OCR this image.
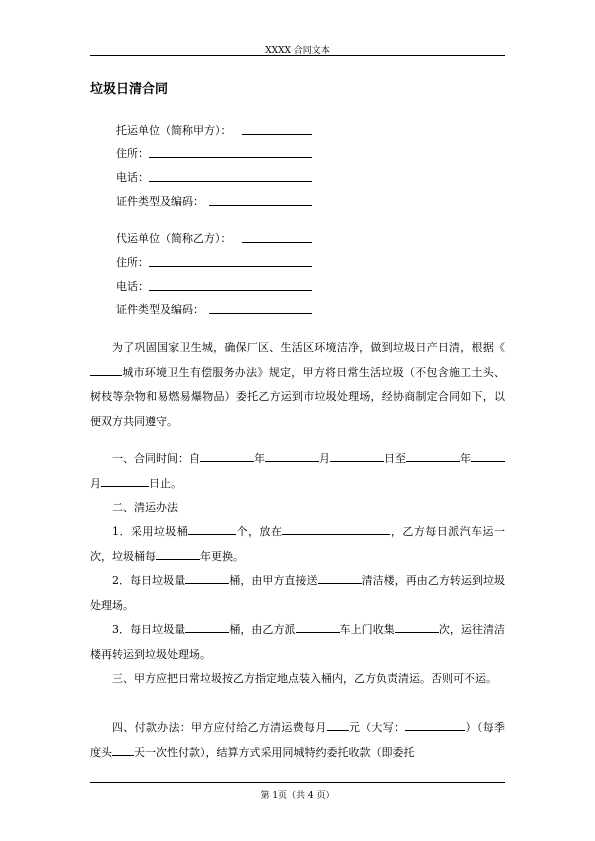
XXXX 合同文本
垃圾日清合同
托运单位（简称甲方）：
住所：
电话：
证件类型及编码：
代运单位（简称乙方）：
住所：
电话：
证件类型及编码：
为了巩固国家卫生城，确保厂区、生活区环境洁净，做到垃圾日产日清，根据《城市环境卫生有偿服务办法》规定，甲方将日常生活垃圾（不包含施工土头、树枝等杂物和易燃易爆物品）委托乙方运到市垃圾处理场，经协商制定合同如下，以便双方共同遵守。
一、合同时间：自	年	月	日至	年月	日止。
二、清运办法
1．采用垃圾桶	个，放在	，乙方每日派汽车运一次，垃圾桶每	年更换。
2．每日垃圾量	桶，由甲方直接送	清洁楼，再由乙方转运到垃圾处理场。
3．每日垃圾量	桶，由乙方派	车上门收集	次，运往清洁楼再转运到垃圾处理场。
三、甲方应把日常垃圾按乙方指定地点装入桶内，乙方负责清运。否则可不运。
四、付款办法：甲方应付给乙方清运费每月 元（大写：	）（每季度头 天一次性付款），结算方式采用同城特约委托收款（即委托
第 1页（共 4 页）
